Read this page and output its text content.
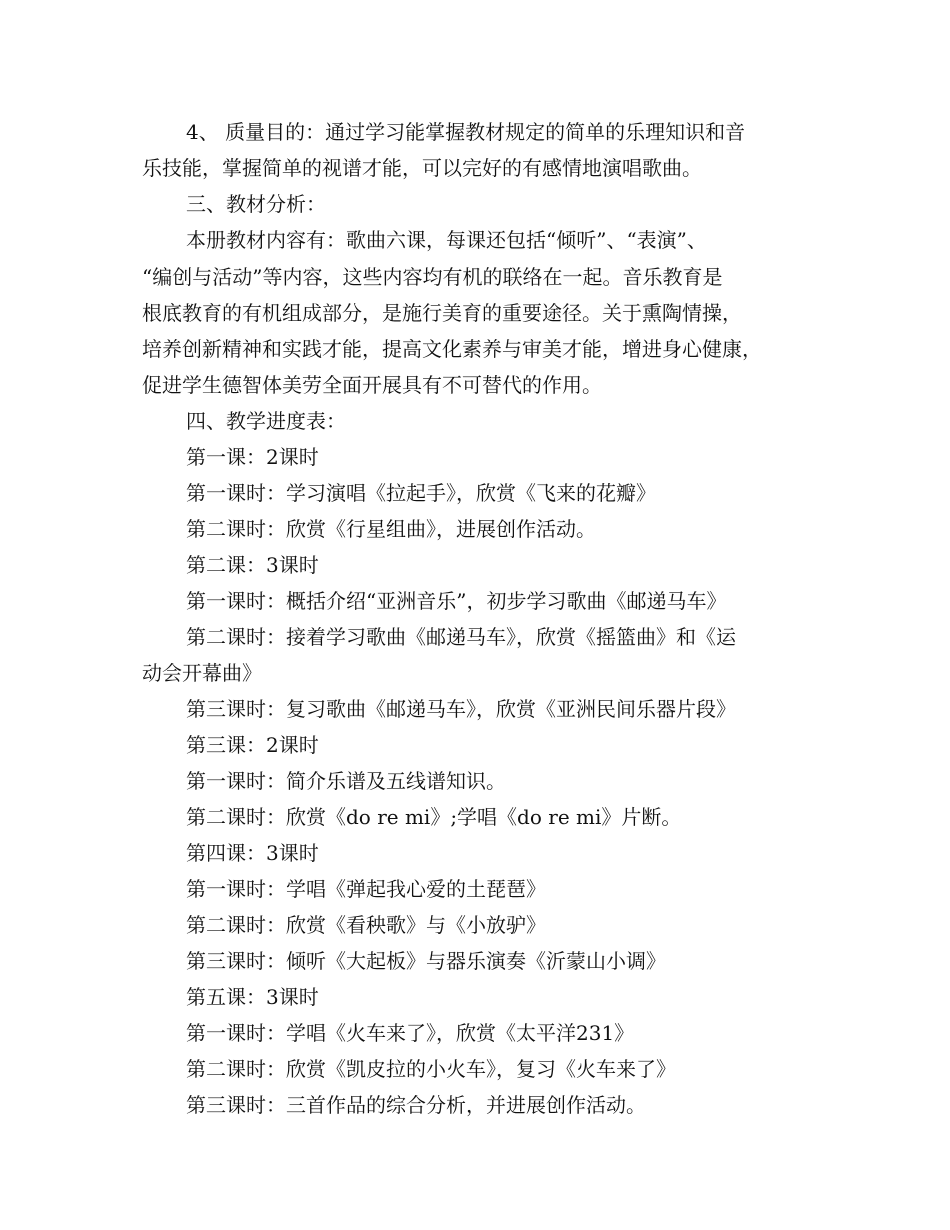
4、 质量目的：通过学习能掌握教材规定的简单的乐理知识和音
乐技能，掌握简单的视谱才能，可以完好的有感情地演唱歌曲。
三、教材分析：
本册教材内容有：歌曲六课，每课还包括“倾听”、“表演”、
“编创与活动”等内容，这些内容均有机的联络在一起。音乐教育是
根底教育的有机组成部分，是施行美育的重要途径。关于熏陶情操，
培养创新精神和实践才能，提高文化素养与审美才能，增进身心健康，
促进学生德智体美劳全面开展具有不可替代的作用。
四、教学进度表：
第一课：2课时
第一课时：学习演唱《拉起手》，欣赏《飞来的花瓣》
第二课时：欣赏《行星组曲》，进展创作活动。
第二课：3课时
第一课时：概括介绍“亚洲音乐”，初步学习歌曲《邮递马车》
第二课时：接着学习歌曲《邮递马车》，欣赏《摇篮曲》和《运
动会开幕曲》
第三课时：复习歌曲《邮递马车》，欣赏《亚洲民间乐器片段》
第三课：2课时
第一课时：简介乐谱及五线谱知识。
第二课时：欣赏《do re mi》;学唱《do re mi》片断。
第四课：3课时
第一课时：学唱《弹起我心爱的土琵琶》
第二课时：欣赏《看秧歌》与《小放驴》
第三课时：倾听《大起板》与器乐演奏《沂蒙山小调》
第五课：3课时
第一课时：学唱《火车来了》，欣赏《太平洋231》
第二课时：欣赏《凯皮拉的小火车》，复习《火车来了》
第三课时：三首作品的综合分析，并进展创作活动。
